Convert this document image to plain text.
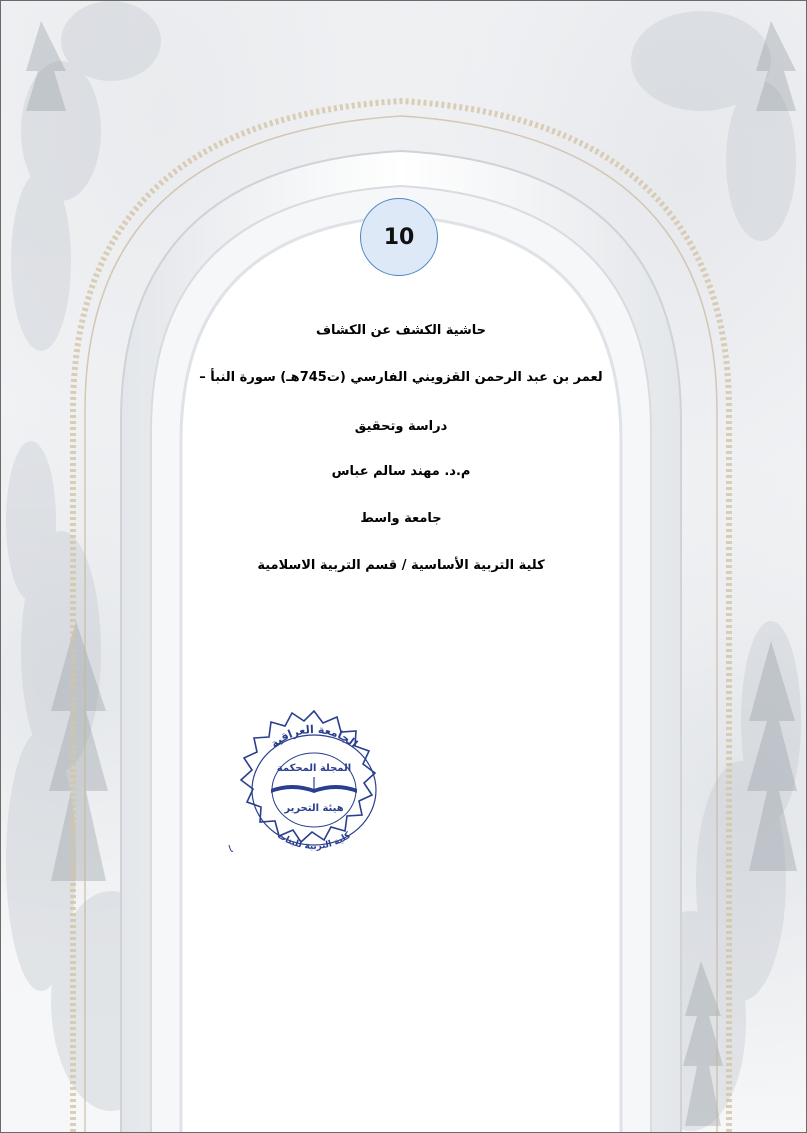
10
حاشية الكشف عن الكشاف
لعمر بن عبد الرحمن القزويني الفارسي (ت745هـ) سورة النبأ –
دراسة وتحقيق
م.د. مهند سالم عباس
جامعة واسط
كلية التربية الأساسية / قسم التربية الاسلامية
الجامعة العراقية
كلية التربية للبنات
المجلة المحكمة
هيئة التحرير
